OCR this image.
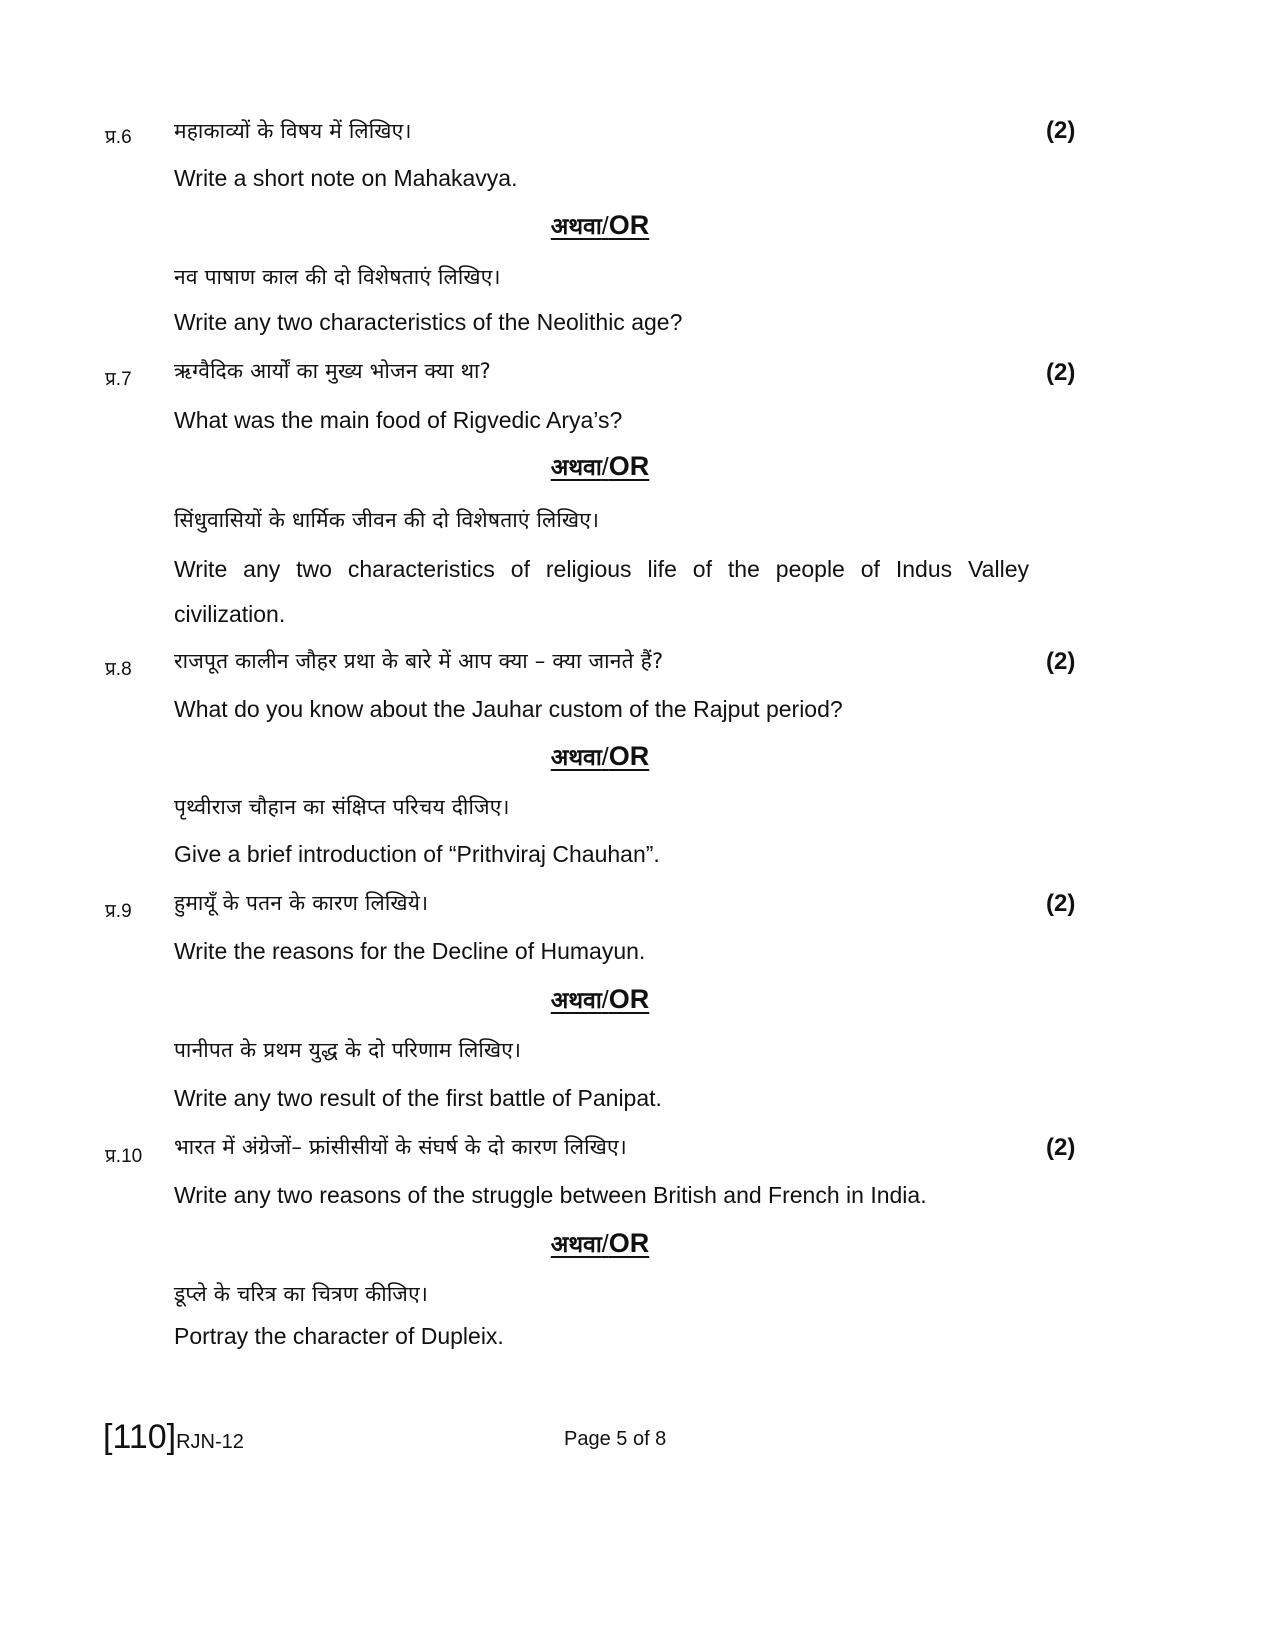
प्र.6 महाकाव्यों के विषय में लिखिए।	(2)
Write a short note on Mahakavya.
अथवा/OR
नव पाषाण काल की दो विशेषताएं लिखिए।
Write any two characteristics of the Neolithic age?
प्र.7 ऋग्वैदिक आर्यों का मुख्य भोजन क्या था?	(2)
What was the main food of Rigvedic Arya’s?
अथवा/OR
सिंधुवासियों के धार्मिक जीवन की दो विशेषताएं लिखिए।
Write any two characteristics of religious life of the people of Indus Valley
civilization.
प्र.8 राजपूत कालीन जौहर प्रथा के बारे में आप क्या – क्या जानते हैं?	(2)
What do you know about the Jauhar custom of the Rajput period?
अथवा/OR
पृथ्वीराज चौहान का संक्षिप्त परिचय दीजिए।
Give a brief introduction of “Prithviraj Chauhan”.
प्र.9 हुमायूँ के पतन के कारण लिखिये।	(2)
Write the reasons for the Decline of Humayun.
अथवा/OR
पानीपत के प्रथम युद्ध के दो परिणाम लिखिए।
Write any two result of the first battle of Panipat.
प्र.10 भारत में अंग्रेजों– फ्रांसीसीयों के संघर्ष के दो कारण लिखिए।	(2)
Write any two reasons of the struggle between British and French in India.
अथवा/OR
डूप्ले के चरित्र का चित्रण कीजिए।
Portray the character of Dupleix.
[110]RJN-12	Page 5 of 8
